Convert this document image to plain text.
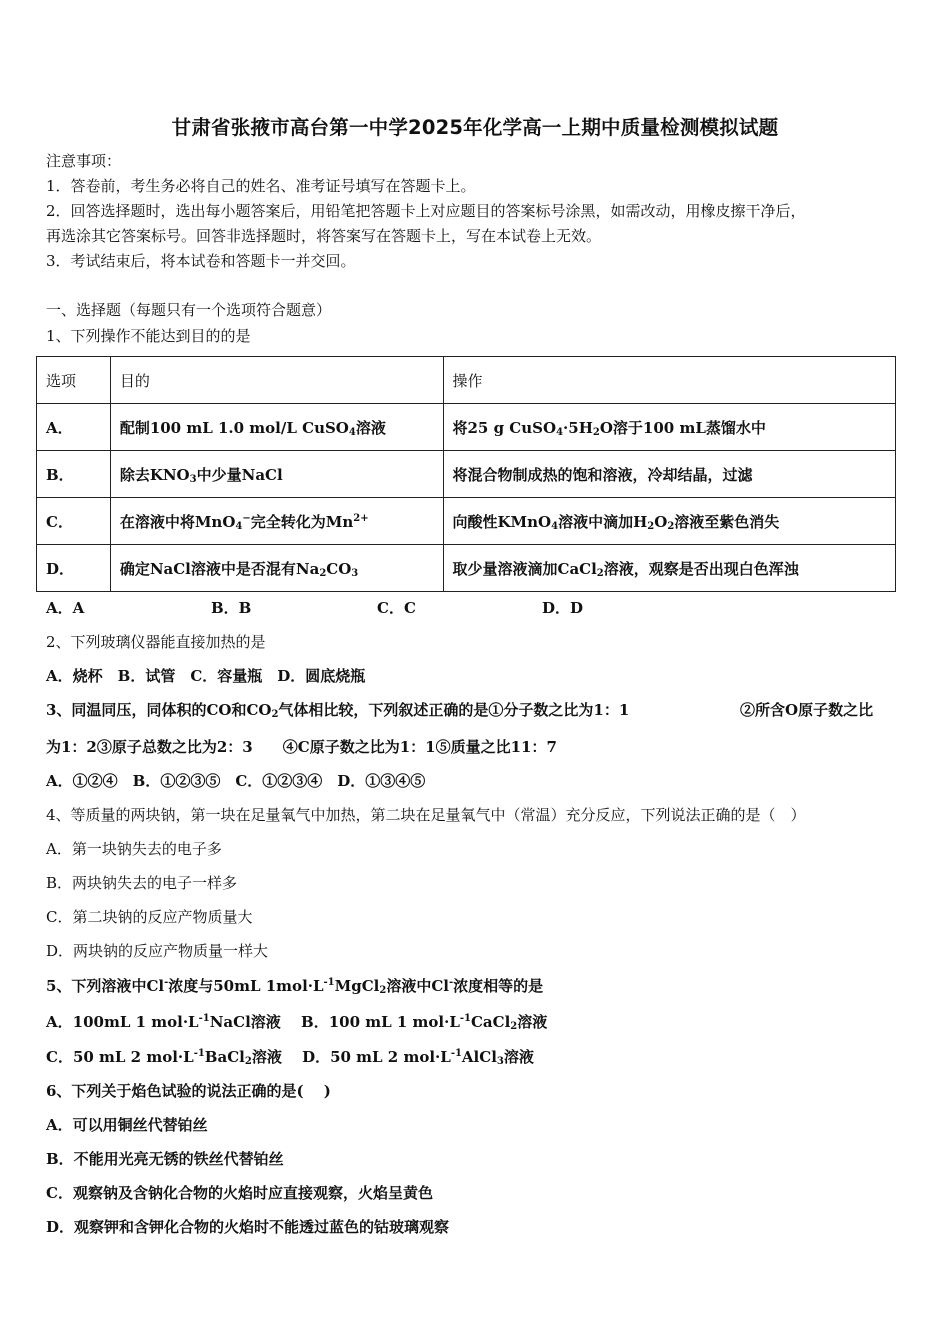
甘肃省张掖市高台第一中学2025年化学高一上期中质量检测模拟试题
注意事项：
1．答卷前，考生务必将自己的姓名、准考证号填写在答题卡上。
2．回答选择题时，选出每小题答案后，用铅笔把答题卡上对应题目的答案标号涂黑，如需改动，用橡皮擦干净后，
再选涂其它答案标号。回答非选择题时，将答案写在答题卡上，写在本试卷上无效。
3．考试结束后，将本试卷和答题卡一并交回。
一、选择题（每题只有一个选项符合题意）
1、下列操作不能达到目的的是
选项	目的	操作
A．	配制100 mL 1.0 mol/L CuSO$_4$溶液	将25 g $CuSO_4\cdot 5H_2O$溶于100 mL蒸馏水中
B．	除去$KNO_3$中少量NaCl	将混合物制成热的饱和溶液，冷却结晶，过滤
C．	在溶液中将MnO$_4$−完全转化为$Mn^{2+}$	向酸性KMnO$_4$溶液中滴加$H_2O_2$溶液至紫色消失
D．	确定NaCl溶液中是否混有$Na_2CO_3$	取少量溶液滴加CaCl$_2$溶液，观察是否出现白色浑浊
A．A	B．B	C．C	D．D
2、下列玻璃仪器能直接加热的是
A．烧杯　B．试管　C．容量瓶　D．圆底烧瓶
3、同温同压，同体积的CO和$CO_2$气体相比较，下列叙述正确的是①分子数之比为1：1	②所含O原子数之比
为1：2③原子总数之比为2：3　　④C原子数之比为1：1⑤质量之比11：7
A．①②④　B．①②③⑤　C．①②③④　D．①③④⑤
4、等质量的两块钠，第一块在足量氧气中加热，第二块在足量氧气中（常温）充分反应，下列说法正确的是（　）
A．第一块钠失去的电子多
B．两块钠失去的电子一样多
C．第二块钠的反应产物质量大
D．两块钠的反应产物质量一样大
5、下列溶液中Cl-浓度与50mL $1mol\cdot L^{-1}MgCl_2$溶液中Cl-浓度相等的是
A．100mL 1 $mol\cdot L^{-1}NaCl$溶液　 B．100 mL 1 $mol\cdot L^{-1}CaCl_2$溶液
C．50 mL 2 $mol\cdot L^{-1}BaCl_2$溶液　 D．50 mL 2 $mol\cdot L^{-1}AlCl_3$溶液
6、下列关于焰色试验的说法正确的是(　 )
A．可以用铜丝代替铂丝
B．不能用光亮无锈的铁丝代替铂丝
C．观察钠及含钠化合物的火焰时应直接观察，火焰呈黄色
D．观察钾和含钾化合物的火焰时不能透过蓝色的钴玻璃观察
